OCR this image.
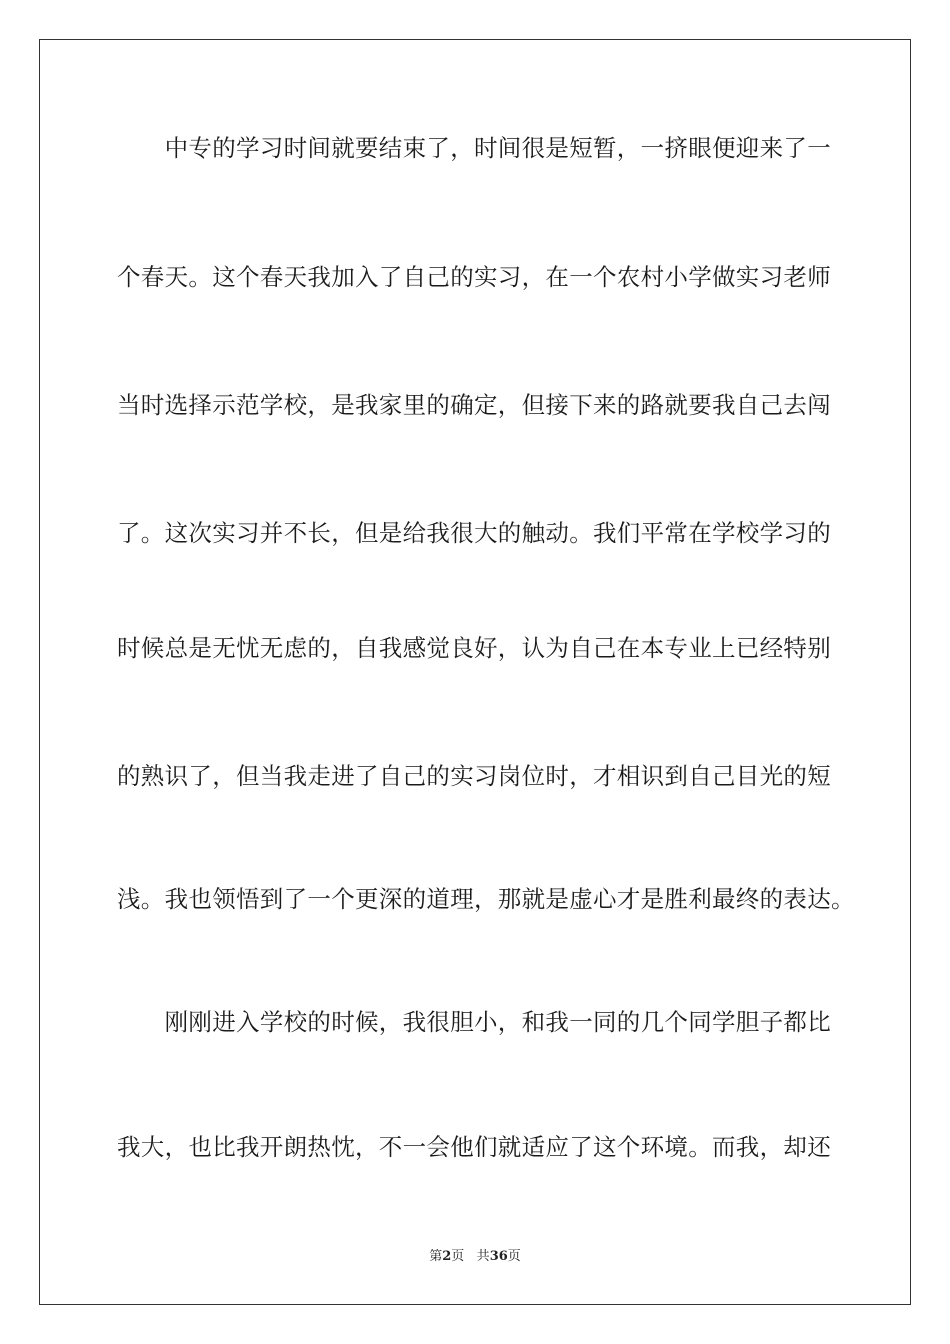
　　中专的学习时间就要结束了，时间很是短暂，一挤眼便迎来了一
个春天。这个春天我加入了自己的实习，在一个农村小学做实习老师
当时选择示范学校，是我家里的确定，但接下来的路就要我自己去闯
了。这次实习并不长，但是给我很大的触动。我们平常在学校学习的
时候总是无忧无虑的，自我感觉良好，认为自己在本专业上已经特别
的熟识了，但当我走进了自己的实习岗位时，才相识到自己目光的短
浅。我也领悟到了一个更深的道理，那就是虚心才是胜利最终的表达。
　　刚刚进入学校的时候，我很胆小，和我一同的几个同学胆子都比
我大，也比我开朗热忱，不一会他们就适应了这个环境。而我，却还
第2页 共36页
